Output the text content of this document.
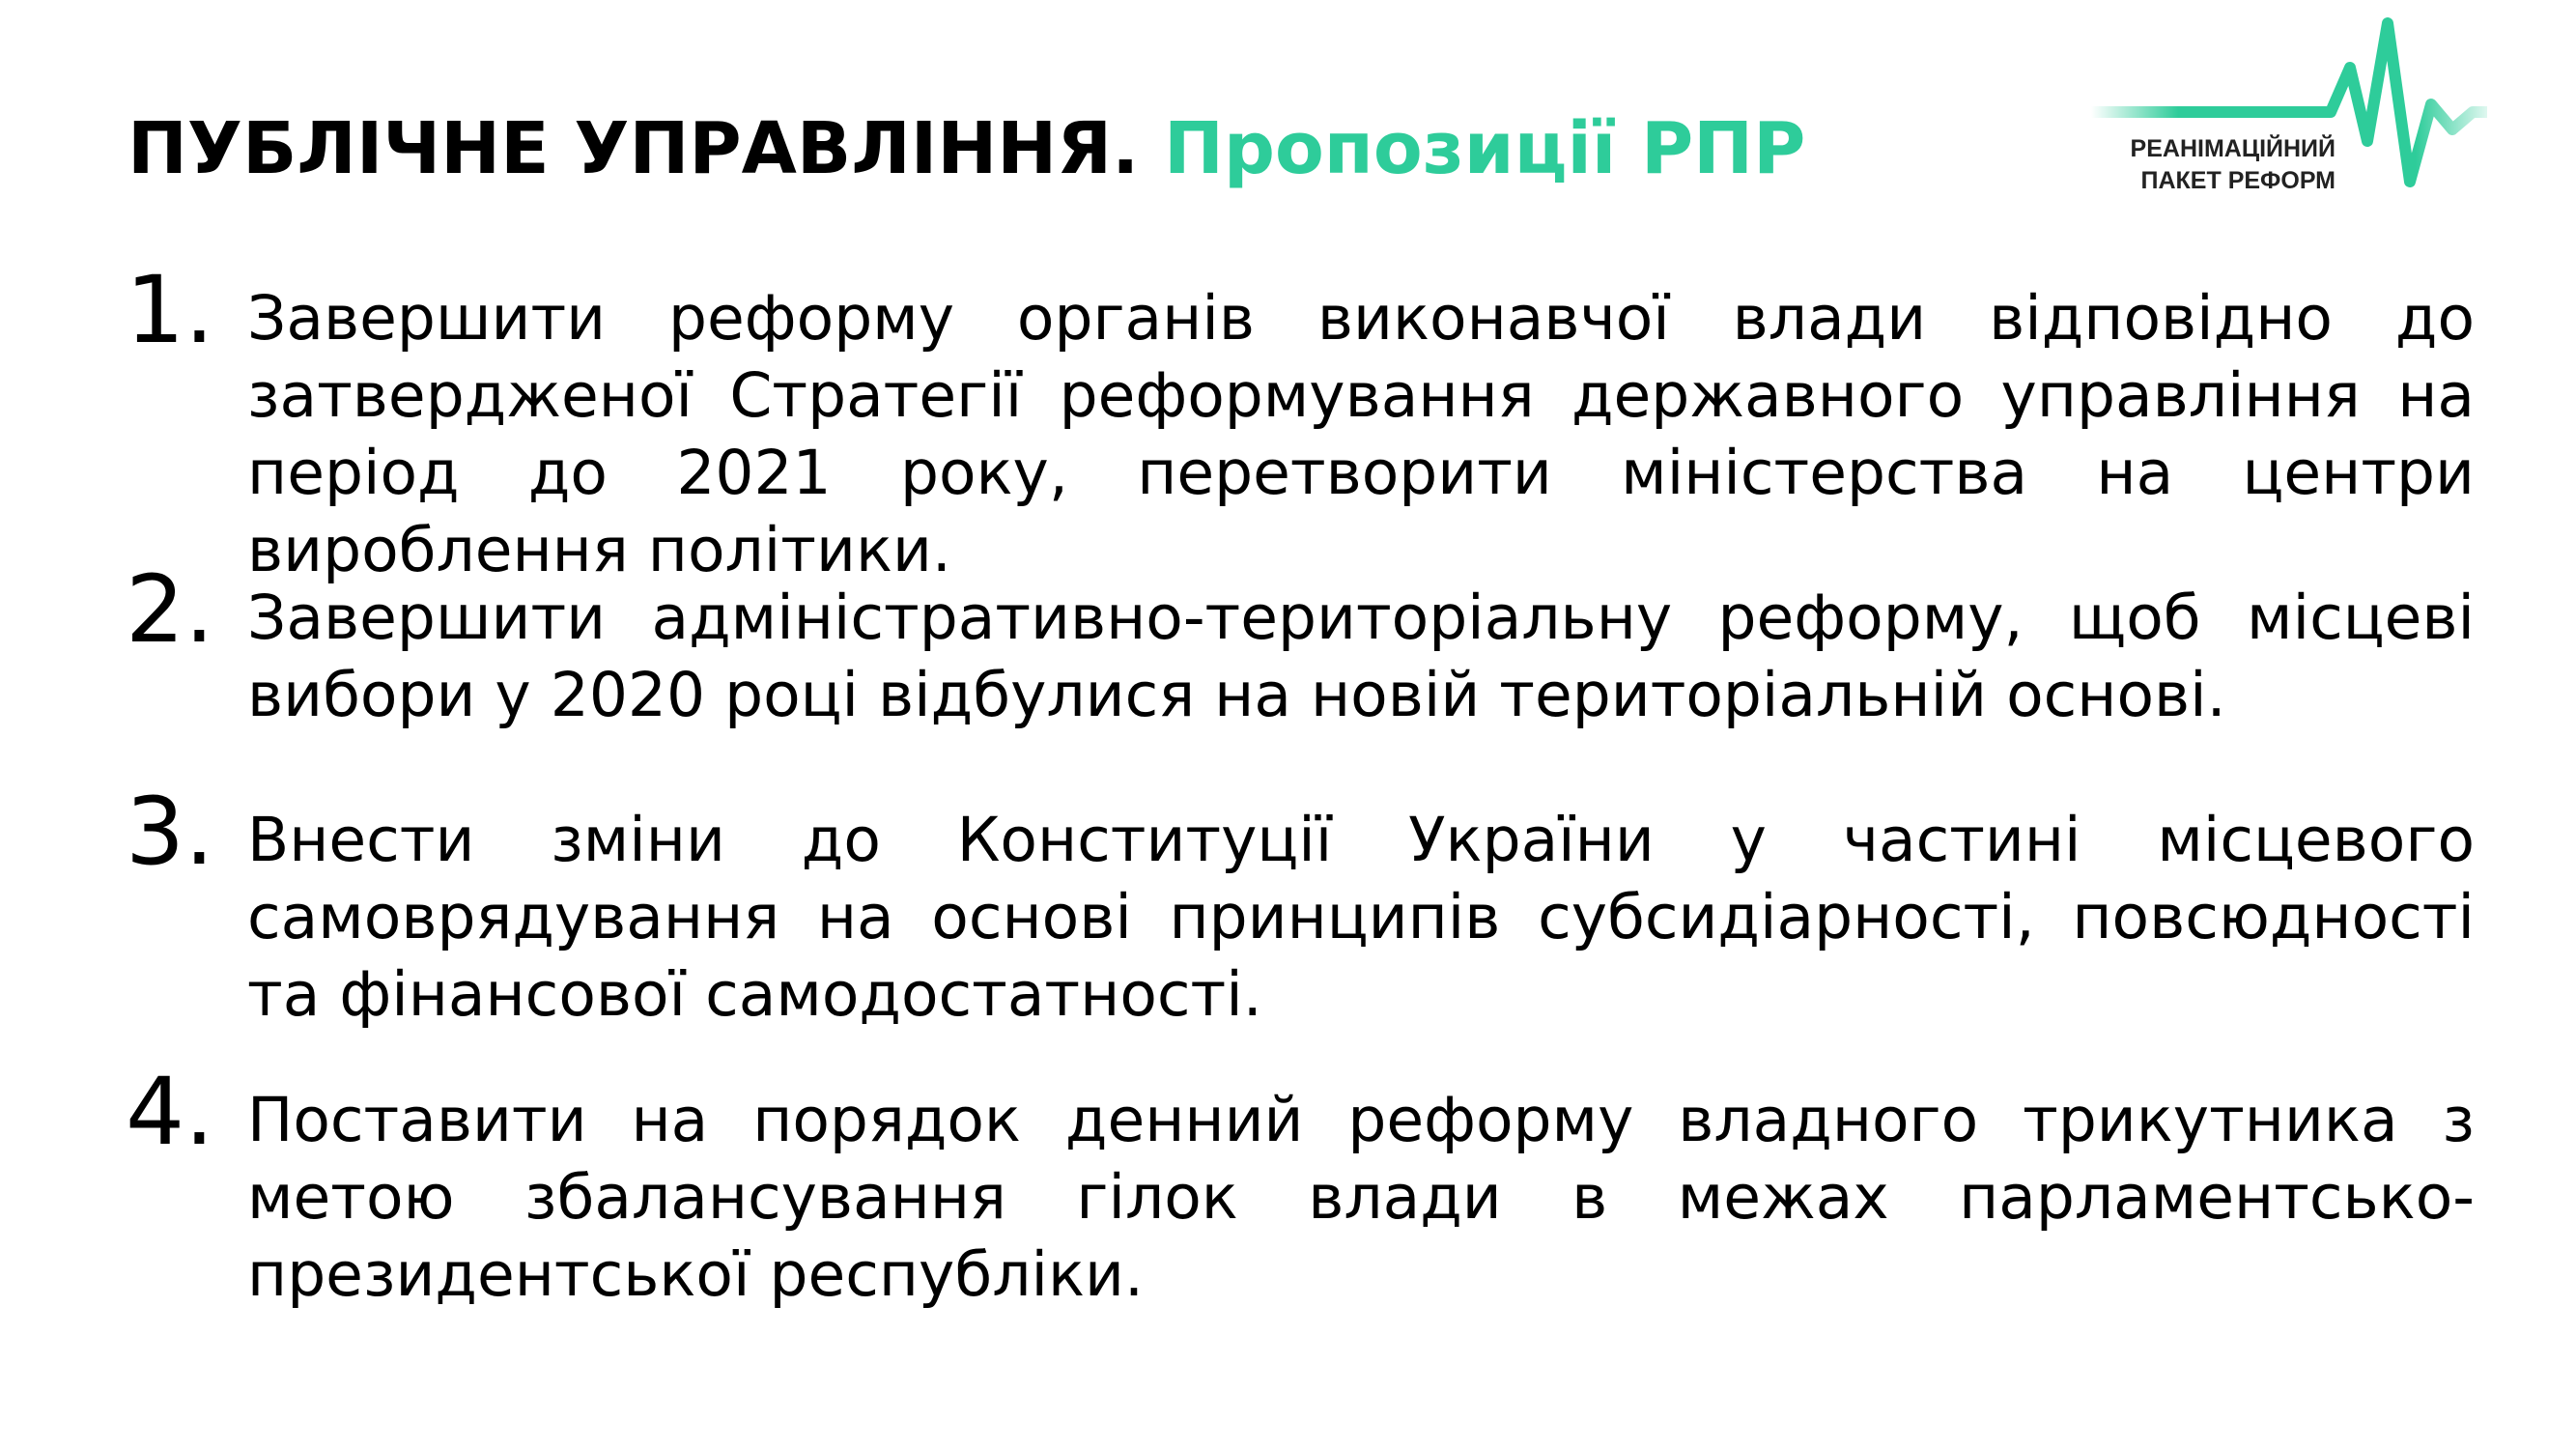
ПУБЛІЧНЕ УПРАВЛІННЯ. Пропозиції РПР	РЕАНІМАЦІЙНИЙ
ПАКЕТ РЕФОРМ
1. Завершити реформу органів виконавчої влади відповідно до затвердженої Стратегії реформування державного управління на період до 2021 року, перетворити міністерства на центри вироблення політики.

2. Завершити адміністративно-територіальну реформу, щоб місцеві вибори у 2020 році відбулися на новій територіальній основі.

3. Внести зміни до Конституції України у частині місцевого самоврядування на основі принципів субсидіарності, повсюдності та фінансової самодостатності.

4. Поставити на порядок денний реформу владного трикутника з метою збалансування гілок влади в межах парламентсько-президентської республіки.
